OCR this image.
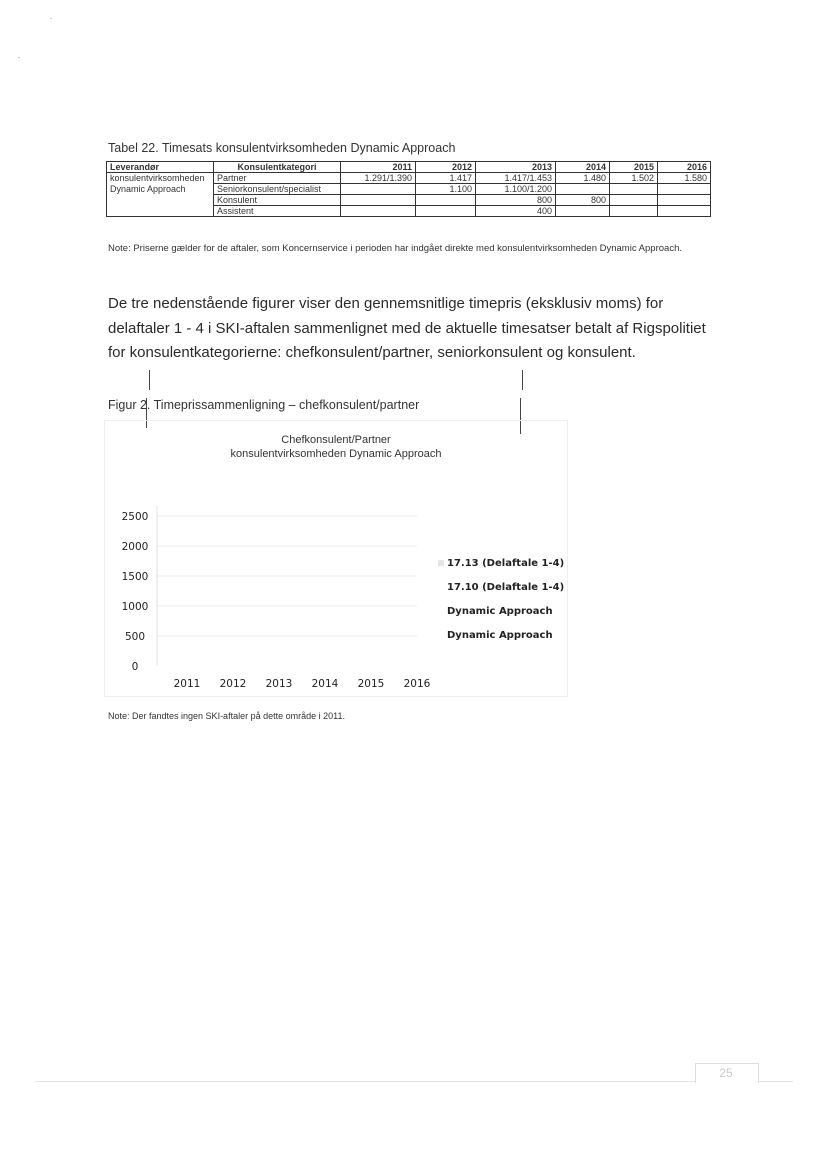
Tabel 22. Timesats konsulentvirksomheden Dynamic Approach
Leverandør	Konsulentkategori	2011	2012	2013	2014	2015	2016
konsulentvirksomheden	Partner	1.291/1.390	1.417	1.417/1.453	1.480	1.502	1.580
Dynamic Approach	Seniorkonsulent/specialist		1.100	1.100/1.200			
	Konsulent			800	800		
	Assistent			400			
Note: Priserne gælder for de aftaler, som Koncernservice i perioden har indgået direkte med konsulentvirksomheden Dynamic Approach.
De tre nedenstående figurer viser den gennemsnitlige timepris (eksklusiv moms) for delaftaler 1 - 4 i SKI-aftalen sammenlignet med de aktuelle timesatser betalt af Rigspolitiet for konsulentkategorierne: chefkonsulent/partner, seniorkonsulent og konsulent.
Figur 2. Timeprissammenligning – chefkonsulent/partner
Chefkonsulent/Partner
konsulentvirksomheden Dynamic Approach
0
500
1000
1500
2000
2500
2011 2012 2013 2014 2015 2016
17.13 (Delaftale 1-4)
17.10 (Delaftale 1-4)
Dynamic Approach
Dynamic Approach
Note: Der fandtes ingen SKI-aftaler på dette område i 2011.
25
